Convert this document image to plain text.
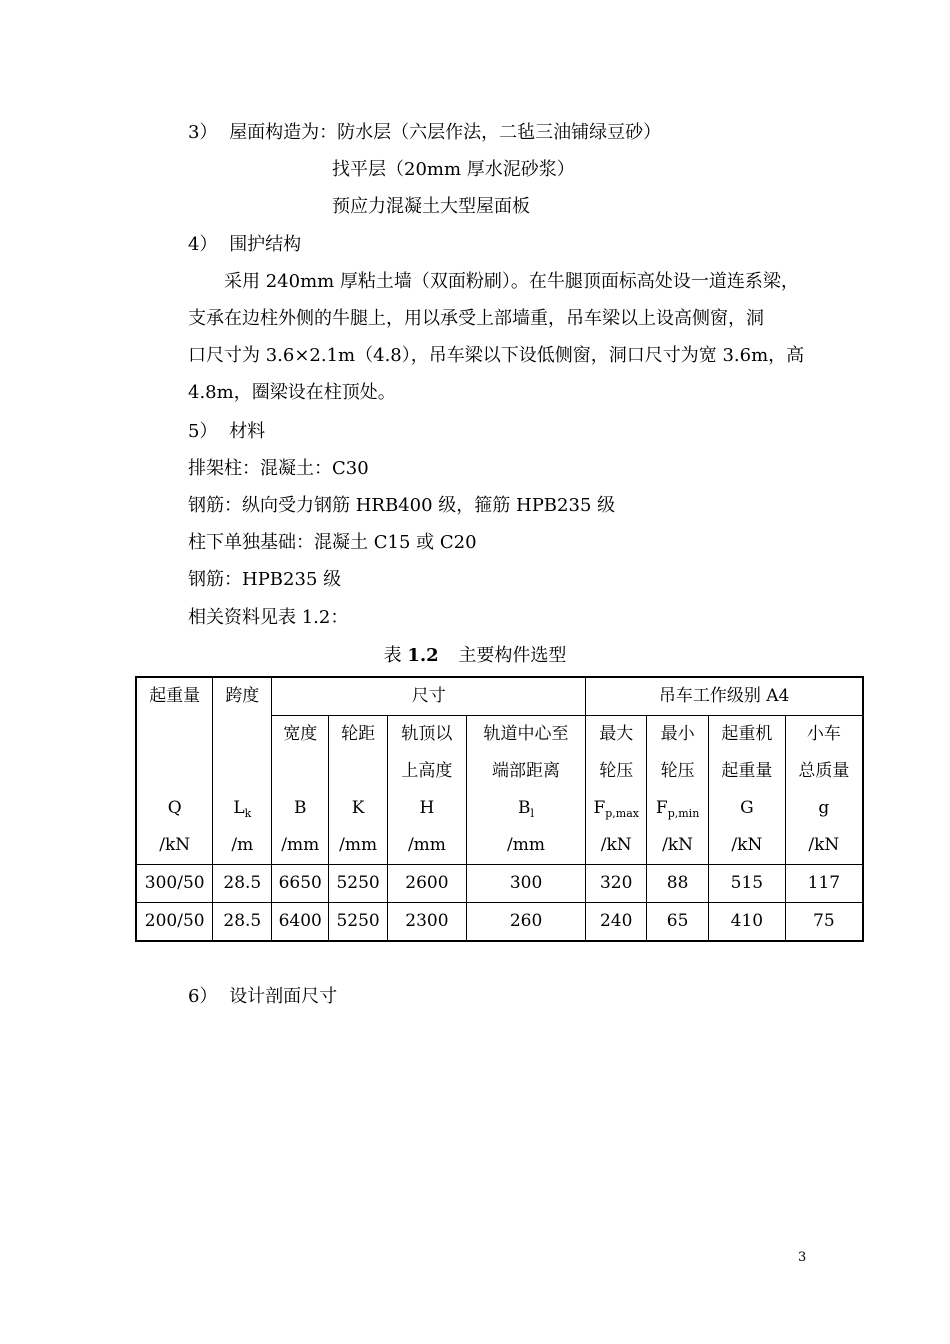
3） 屋面构造为：防水层（六层作法，二毡三油铺绿豆砂）
找平层（20mm 厚水泥砂浆）
预应力混凝土大型屋面板
4） 围护结构
采用 240mm 厚粘土墙（双面粉刷）。在牛腿顶面标高处设一道连系梁，
支承在边柱外侧的牛腿上，用以承受上部墙重，吊车梁以上设高侧窗，洞
口尺寸为 3.6×2.1m（4.8），吊车梁以下设低侧窗，洞口尺寸为宽 3.6m，高
4.8m，圈梁设在柱顶处。
5） 材料
排架柱：混凝土：C30
钢筋：纵向受力钢筋 HRB400 级，箍筋 HPB235 级
柱下单独基础：混凝土 C15 或 C20
钢筋：HPB235 级
相关资料见表 1.2：
表 1.2 主要构件选型
起重量	跨度	尺寸				吊车工作级别 A4			
		宽度	轮距	轨顶以	轨道中心至	最大	最小	起重机	小车
				上高度	端部距离	轮压	轮压	起重量	总质量
Q	$L_k$	B	K	H	$B_l$	$F_{p,max}$	$F_{p,min}$	G	g
/kN	/m	/mm	/mm	/mm	/mm	/kN	/kN	/kN	/kN
300/50	28.5	6650	5250	2600	300	320	88	515	117
200/50	28.5	6400	5250	2300	260	240	65	410	75
6） 设计剖面尺寸
3
